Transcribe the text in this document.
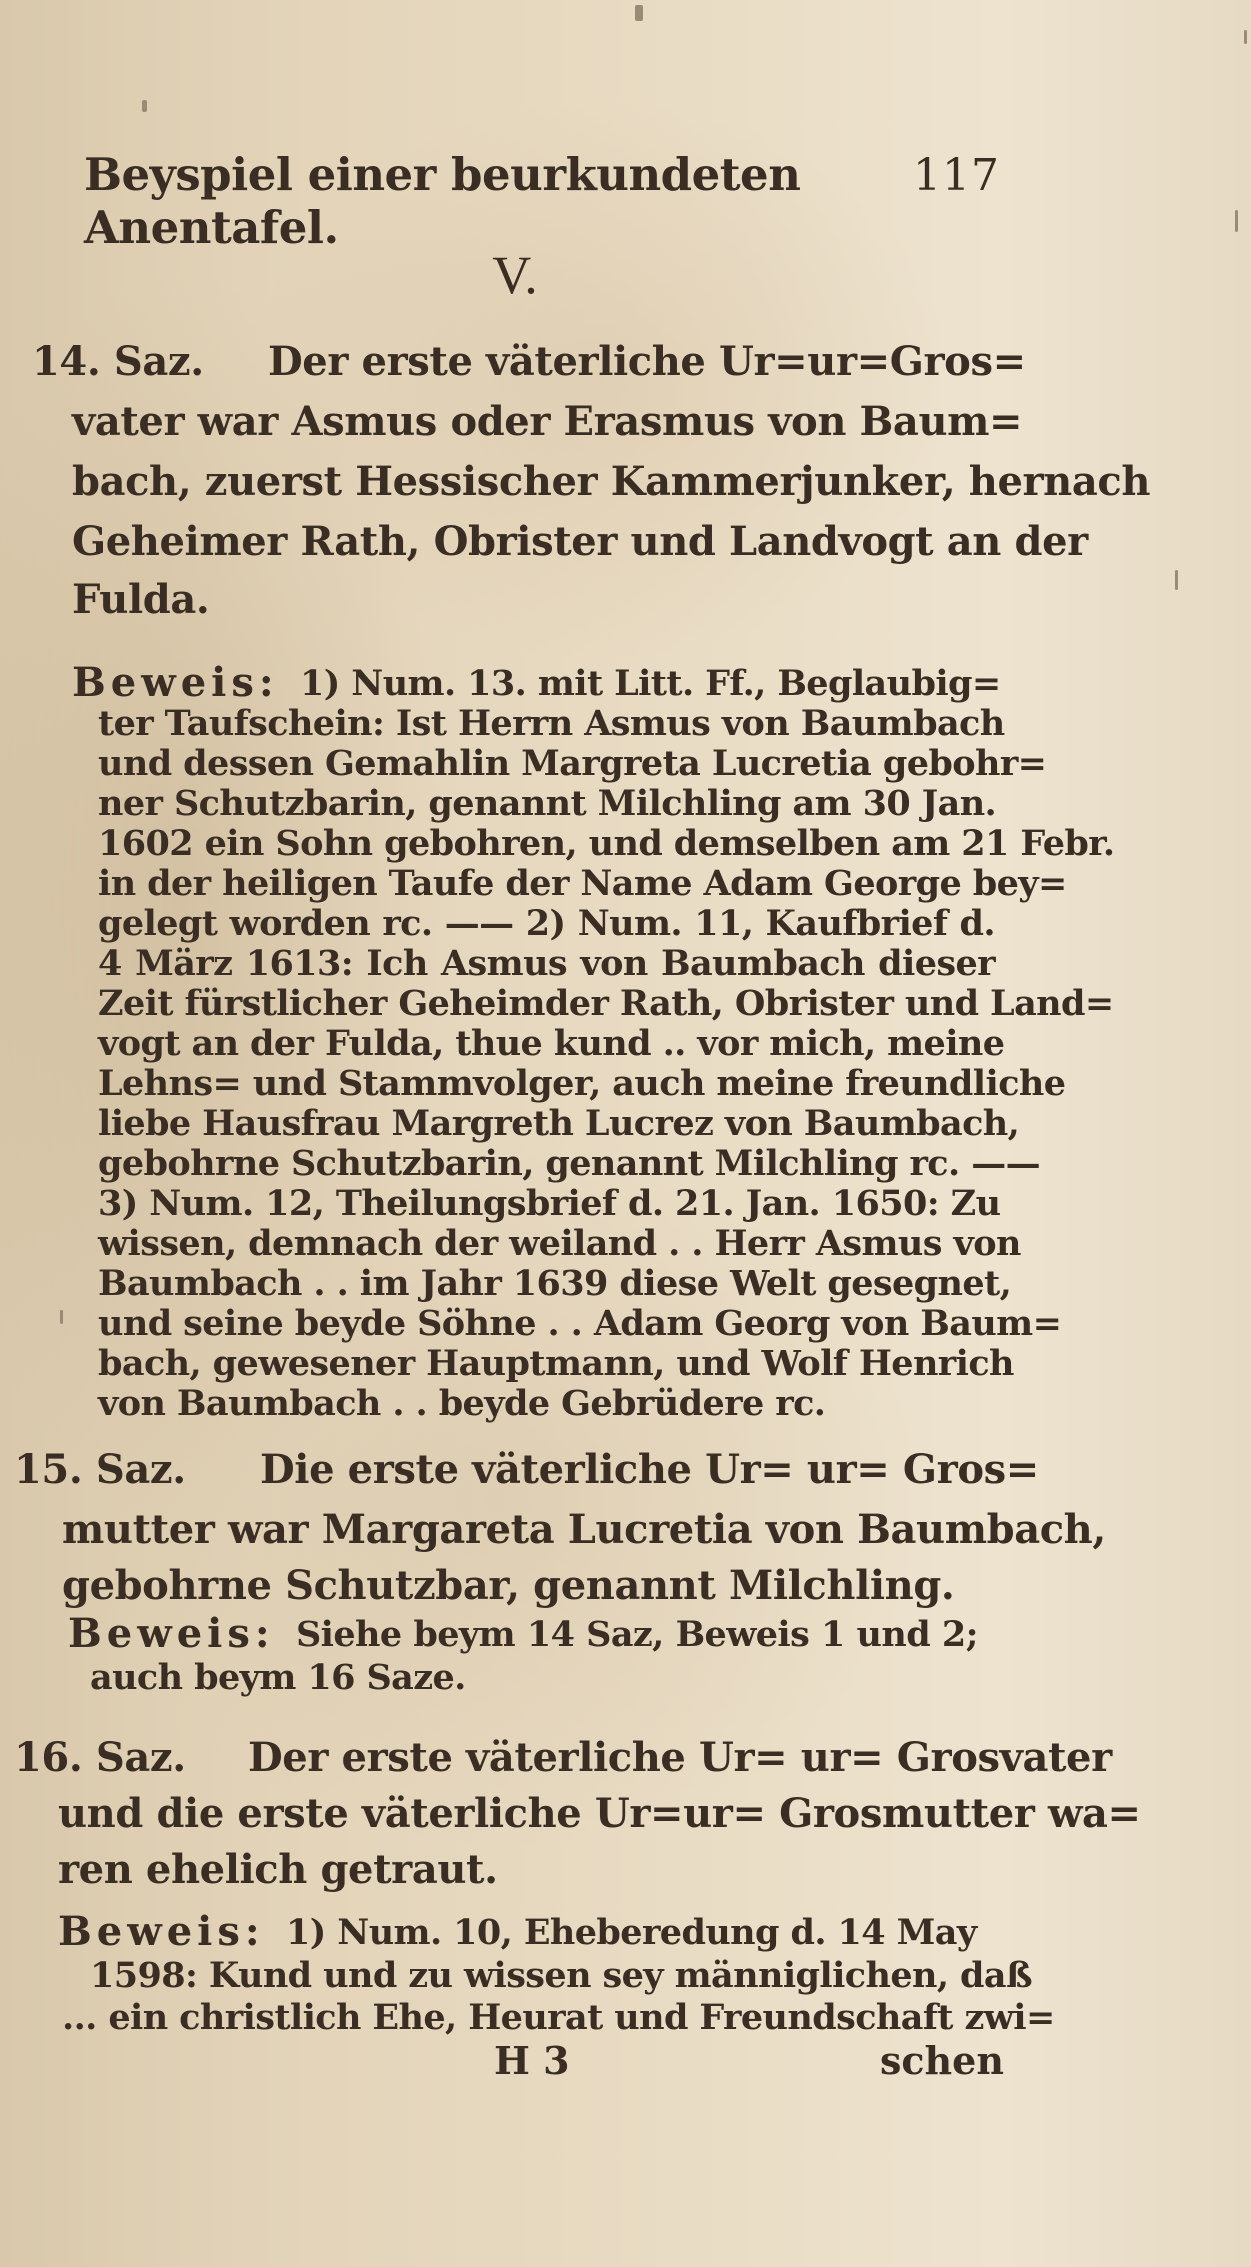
Beyspiel einer beurkundeten Anentafel.
117
V.
14. Saz. Der erste väterliche Ur=ur=Gros=
vater war Asmus oder Erasmus von Baum=
bach, zuerst Hessischer Kammerjunker, hernach
Geheimer Rath, Obrister und Landvogt an der
Fulda.
Beweis: 1) Num. 13. mit Litt. Ff., Beglaubig=
ter Taufschein: Ist Herrn Asmus von Baumbach
und dessen Gemahlin Margreta Lucretia gebohr=
ner Schutzbarin, genannt Milchling am 30 Jan.
1602 ein Sohn gebohren, und demselben am 21 Febr.
in der heiligen Taufe der Name Adam George bey=
gelegt worden rc. —— 2) Num. 11, Kaufbrief d.
4 März 1613: Ich Asmus von Baumbach dieser
Zeit fürstlicher Geheimder Rath, Obrister und Land=
vogt an der Fulda, thue kund .. vor mich, meine
Lehns= und Stammvolger, auch meine freundliche
liebe Hausfrau Margreth Lucrez von Baumbach,
gebohrne Schutzbarin, genannt Milchling rc. ——
3) Num. 12, Theilungsbrief d. 21. Jan. 1650: Zu
wissen, demnach der weiland . . Herr Asmus von
Baumbach . . im Jahr 1639 diese Welt gesegnet,
und seine beyde Söhne . . Adam Georg von Baum=
bach, gewesener Hauptmann, und Wolf Henrich
von Baumbach . . beyde Gebrüdere rc.
15. Saz. Die erste väterliche Ur= ur= Gros=
mutter war Margareta Lucretia von Baumbach,
gebohrne Schutzbar, genannt Milchling.
Beweis: Siehe beym 14 Saz, Beweis 1 und 2;
auch beym 16 Saze.
16. Saz. Der erste väterliche Ur= ur= Grosvater
und die erste väterliche Ur=ur= Grosmutter wa=
ren ehelich getraut.
Beweis: 1) Num. 10, Eheberedung d. 14 May
1598: Kund und zu wissen sey männiglichen, daß
... ein christlich Ehe, Heurat und Freundschaft zwi=
H 3	schen
